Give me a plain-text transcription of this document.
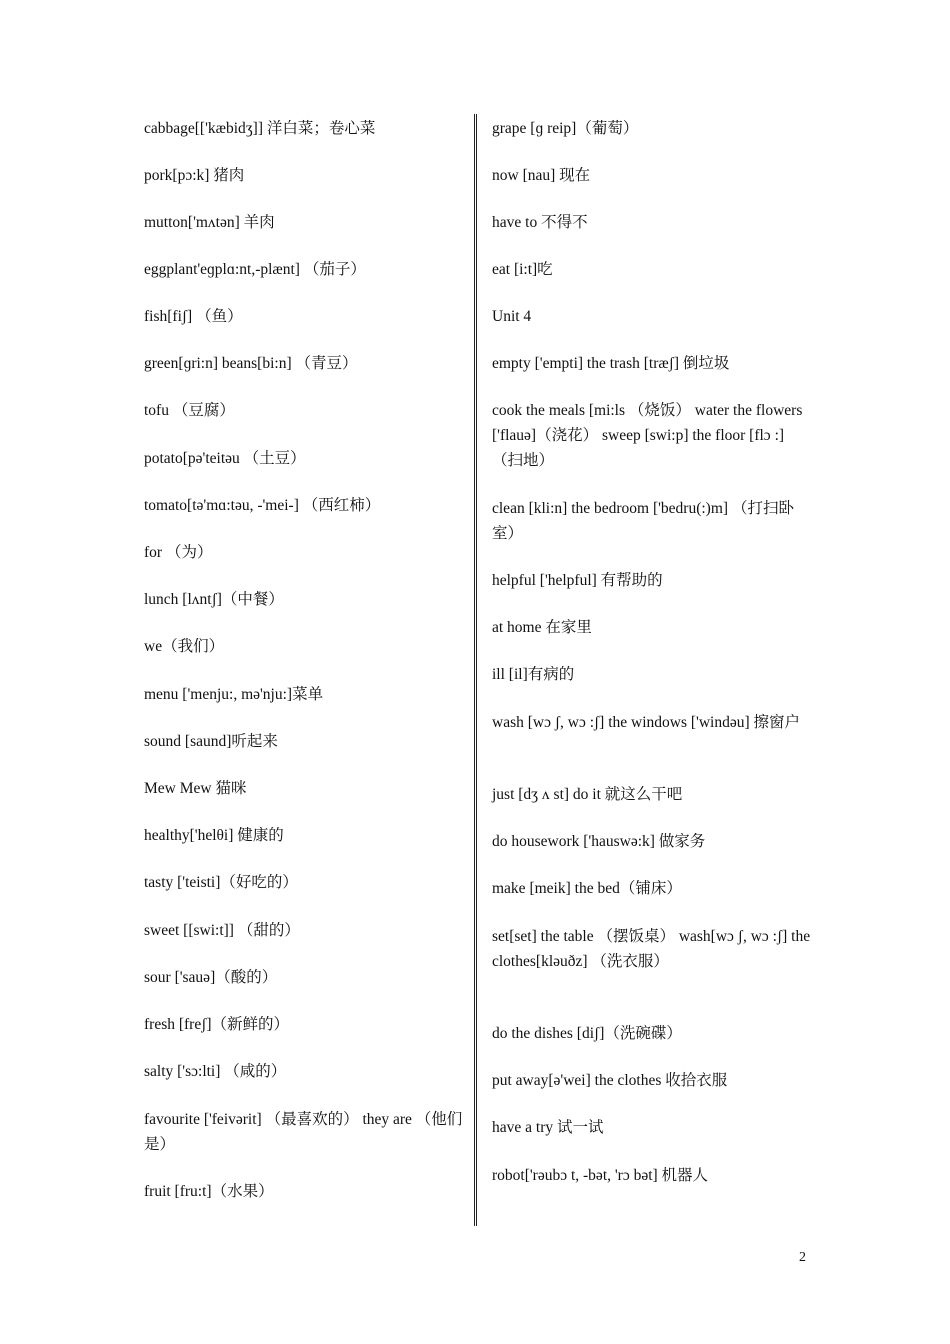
cabbage[['kæbidʒ]] 洋白菜；卷心菜

pork[pɔ:k] 猪肉

mutton['mʌtən] 羊肉

eggplant'eɡplɑ:nt,-plænt] （茄子）

fish[fiʃ] （鱼）

green[ɡri:n] beans[bi:n] （青豆）

tofu （豆腐）

potato[pə'teitəu （土豆）

tomato[tə'mɑ:təu, -'mei-] （西红柿）

for （为）

lunch [lʌntʃ]（中餐）

we（我们）

menu ['menju:, mə'nju:]菜单

sound [saund]听起来

Mew Mew 猫咪

healthy['helθi] 健康的

tasty ['teisti]（好吃的）

sweet [[swi:t]] （甜的）

sour ['sauə]（酸的）

fresh [freʃ]（新鲜的）

salty ['sɔ:lti] （咸的）

favourite ['feivərit] （最喜欢的） they are （他们是）

fruit [fru:t]（水果）

grape [ɡ reip]（葡萄）

now [nau] 现在

have to 不得不

eat [i:t]吃

Unit 4

empty ['empti] the trash [træʃ] 倒垃圾

cook the meals [mi:ls （烧饭） water the flowers ['flauə]（浇花） sweep [swi:p] the floor [flɔ :] （扫地）

clean [kli:n] the bedroom ['bedru(:)m] （打扫卧室）

helpful ['helpful] 有帮助的

at home 在家里

ill [il]有病的

wash [wɔ ʃ, wɔ :ʃ] the windows ['windəu] 擦窗户

just [dʒ ʌ st] do it 就这么干吧

do housework ['hauswə:k] 做家务

make [meik] the bed（铺床）

set[set] the table （摆饭桌） wash[wɔ ʃ, wɔ :ʃ] the clothes[kləuðz] （洗衣服）

do the dishes [diʃ]（洗碗碟）

put away[ə'wei] the clothes 收拾衣服

have a try 试一试

robot['rəubɔ t, -bət, 'rɔ bət] 机器人

2
